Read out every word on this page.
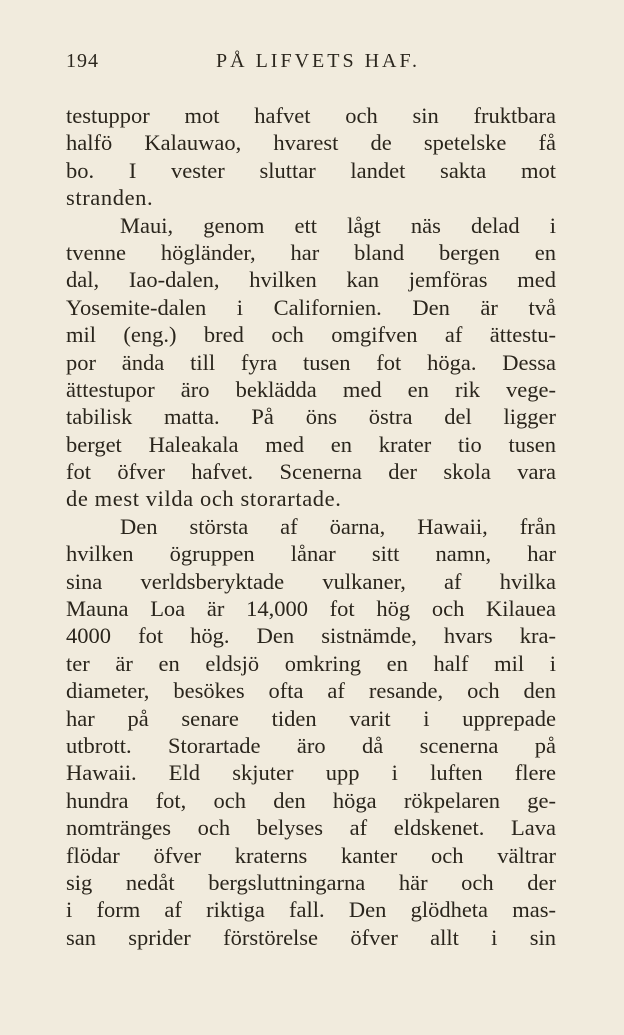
194	PÅ LIFVETS HAF.
testuppor mot hafvet och sin fruktbara
halfö Kalauwao, hvarest de spetelske få
bo. I vester sluttar landet sakta mot
stranden.
Maui, genom ett lågt näs delad i
tvenne högländer, har bland bergen en
dal, Iao-dalen, hvilken kan jemföras med
Yosemite-dalen i Californien. Den är två
mil (eng.) bred och omgifven af ättestu-
por ända till fyra tusen fot höga. Dessa
ättestupor äro beklädda med en rik vege-
tabilisk matta. På öns östra del ligger
berget Haleakala med en krater tio tusen
fot öfver hafvet. Scenerna der skola vara
de mest vilda och storartade.
Den största af öarna, Hawaii, från
hvilken ögruppen lånar sitt namn, har
sina verldsberyktade vulkaner, af hvilka
Mauna Loa är 14,000 fot hög och Kilauea
4000 fot hög. Den sistnämde, hvars kra-
ter är en eldsjö omkring en half mil i
diameter, besökes ofta af resande, och den
har på senare tiden varit i upprepade
utbrott. Storartade äro då scenerna på
Hawaii. Eld skjuter upp i luften flere
hundra fot, och den höga rökpelaren ge-
nomtränges och belyses af eldskenet. Lava
flödar öfver kraterns kanter och vältrar
sig nedåt bergsluttningarna här och der
i form af riktiga fall. Den glödheta mas-
san sprider förstörelse öfver allt i sin
